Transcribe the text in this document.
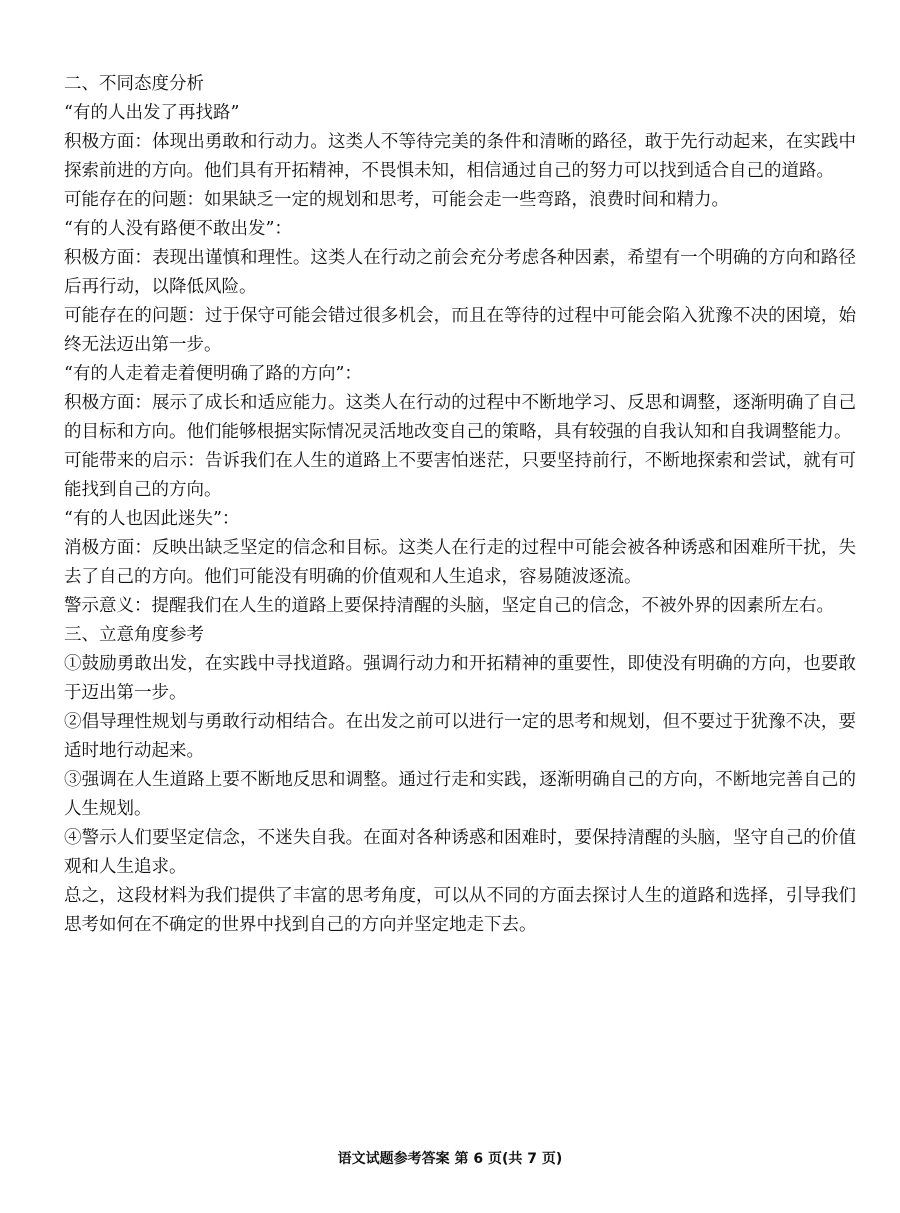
二、不同态度分析

“有的人出发了再找路”

积极方面：体现出勇敢和行动力。这类人不等待完美的条件和清晰的路径，敢于先行动起来，在实践中探索前进的方向。他们具有开拓精神，不畏惧未知，相信通过自己的努力可以找到适合自己的道路。

可能存在的问题：如果缺乏一定的规划和思考，可能会走一些弯路，浪费时间和精力。

“有的人没有路便不敢出发”：

积极方面：表现出谨慎和理性。这类人在行动之前会充分考虑各种因素，希望有一个明确的方向和路径后再行动，以降低风险。

可能存在的问题：过于保守可能会错过很多机会，而且在等待的过程中可能会陷入犹豫不决的困境，始终无法迈出第一步。

“有的人走着走着便明确了路的方向”：

积极方面：展示了成长和适应能力。这类人在行动的过程中不断地学习、反思和调整，逐渐明确了自己的目标和方向。他们能够根据实际情况灵活地改变自己的策略，具有较强的自我认知和自我调整能力。

可能带来的启示：告诉我们在人生的道路上不要害怕迷茫，只要坚持前行，不断地探索和尝试，就有可能找到自己的方向。

“有的人也因此迷失”：

消极方面：反映出缺乏坚定的信念和目标。这类人在行走的过程中可能会被各种诱惑和困难所干扰，失去了自己的方向。他们可能没有明确的价值观和人生追求，容易随波逐流。

警示意义：提醒我们在人生的道路上要保持清醒的头脑，坚定自己的信念，不被外界的因素所左右。

三、立意角度参考

①鼓励勇敢出发，在实践中寻找道路。强调行动力和开拓精神的重要性，即使没有明确的方向，也要敢于迈出第一步。

②倡导理性规划与勇敢行动相结合。在出发之前可以进行一定的思考和规划，但不要过于犹豫不决，要适时地行动起来。

③强调在人生道路上要不断地反思和调整。通过行走和实践，逐渐明确自己的方向，不断地完善自己的人生规划。

④警示人们要坚定信念，不迷失自我。在面对各种诱惑和困难时，要保持清醒的头脑，坚守自己的价值观和人生追求。

总之，这段材料为我们提供了丰富的思考角度，可以从不同的方面去探讨人生的道路和选择，引导我们思考如何在不确定的世界中找到自己的方向并坚定地走下去。

语文试题参考答案 第 6 页(共 7 页)
